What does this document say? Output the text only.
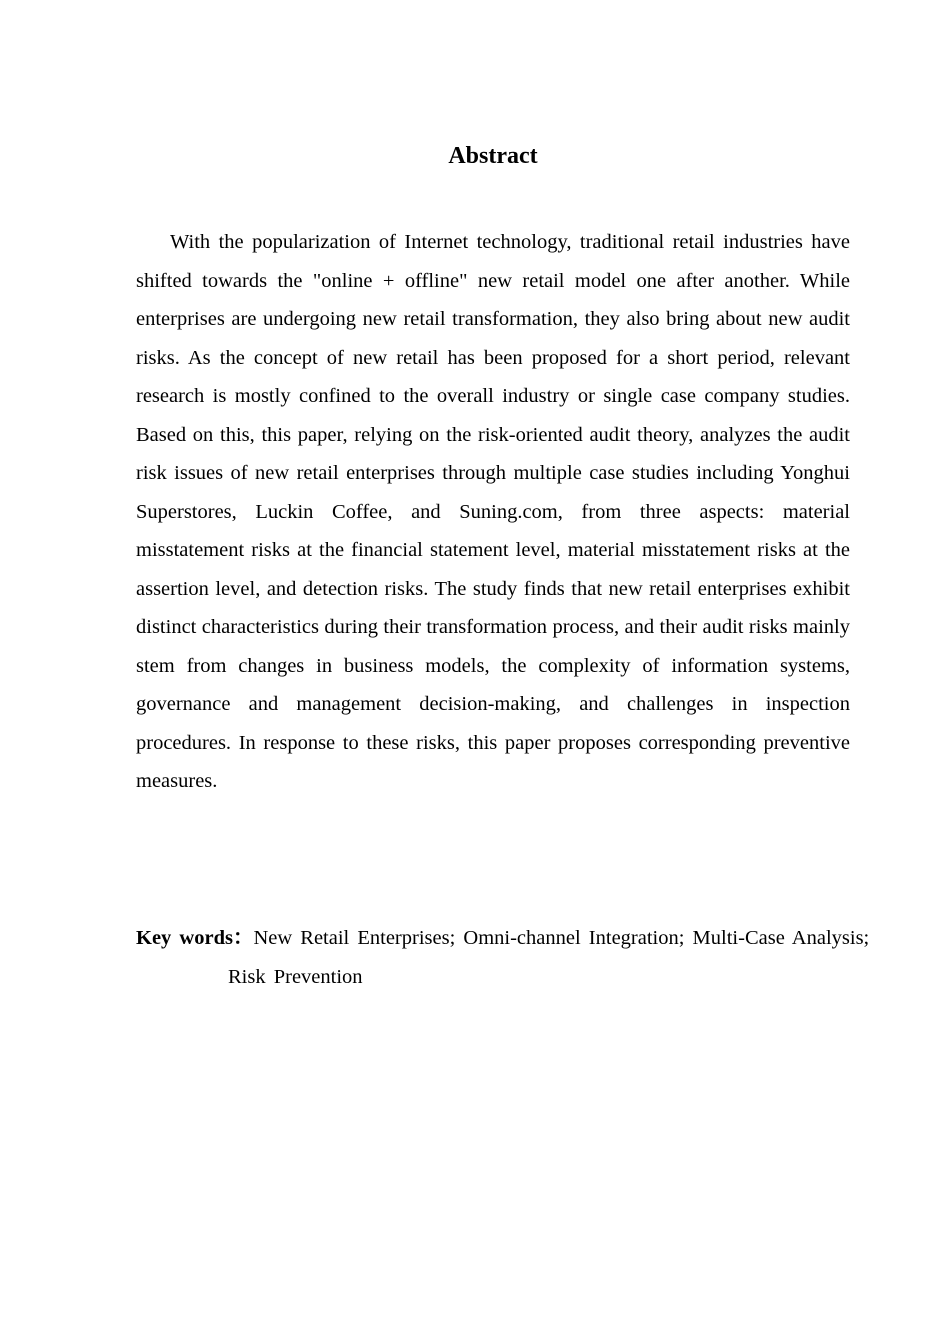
Abstract

With the popularization of Internet technology, traditional retail industries have shifted towards the "online + offline" new retail model one after another. While enterprises are undergoing new retail transformation, they also bring about new audit risks. As the concept of new retail has been proposed for a short period, relevant research is mostly confined to the overall industry or single case company studies. Based on this, this paper, relying on the risk-oriented audit theory, analyzes the audit risk issues of new retail enterprises through multiple case studies including Yonghui Superstores, Luckin Coffee, and Suning.com, from three aspects: material misstatement risks at the financial statement level, material misstatement risks at the assertion level, and detection risks. The study finds that new retail enterprises exhibit distinct characteristics during their transformation process, and their audit risks mainly stem from changes in business models, the complexity of information systems, governance and management decision-making, and challenges in inspection procedures. In response to these risks, this paper proposes corresponding preventive measures.

Key words：New Retail Enterprises; Omni-channel Integration; Multi-Case Analysis; Risk Prevention
